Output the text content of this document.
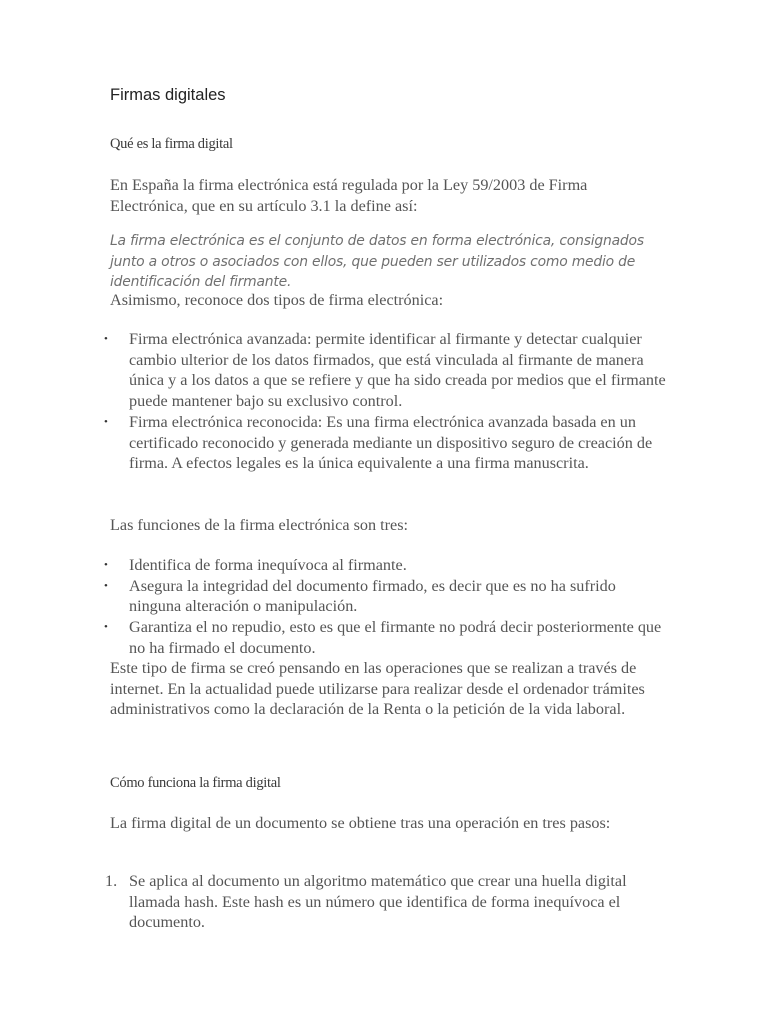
Firmas digitales
Qué es la firma digital

En España la firma electrónica está regulada por la Ley 59/2003 de Firma Electrónica, que en su artículo 3.1 la define así:

La firma electrónica es el conjunto de datos en forma electrónica, consignados junto a otros o asociados con ellos, que pueden ser utilizados como medio de identificación del firmante.

Asimismo, reconoce dos tipos de firma electrónica:

•	Firma electrónica avanzada: permite identificar al firmante y detectar cualquier cambio ulterior de los datos firmados, que está vinculada al firmante de manera única y a los datos a que se refiere y que ha sido creada por medios que el firmante puede mantener bajo su exclusivo control.
•	Firma electrónica reconocida: Es una firma electrónica avanzada basada en un certificado reconocido y generada mediante un dispositivo seguro de creación de firma. A efectos legales es la única equivalente a una firma manuscrita.

Las funciones de la firma electrónica son tres:

•	Identifica de forma inequívoca al firmante.
•	Asegura la integridad del documento firmado, es decir que es no ha sufrido ninguna alteración o manipulación.
•	Garantiza el no repudio, esto es que el firmante no podrá decir posteriormente que no ha firmado el documento.

Este tipo de firma se creó pensando en las operaciones que se realizan a través de internet. En la actualidad puede utilizarse para realizar desde el ordenador trámites administrativos como la declaración de la Renta o la petición de la vida laboral.

Cómo funciona la firma digital

La firma digital de un documento se obtiene tras una operación en tres pasos:

1. Se aplica al documento un algoritmo matemático que crear una huella digital llamada hash. Este hash es un número que identifica de forma inequívoca el documento.
